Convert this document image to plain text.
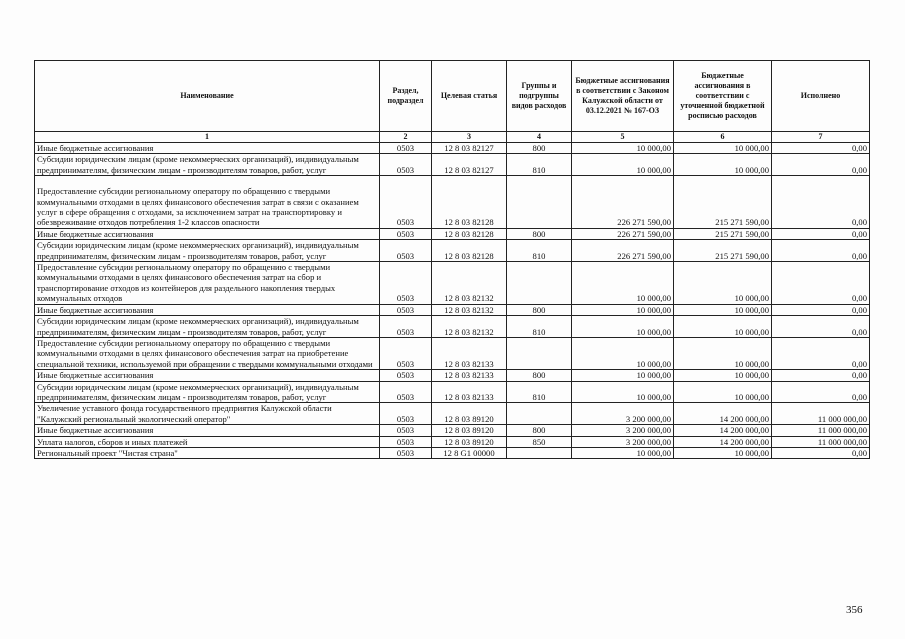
Наименование	Раздел, подраздел	Целевая статья	Группы и подгруппы видов расходов	Бюджетные ассигнования в соответствии с Законом Калужской области от 03.12.2021 № 167-ОЗ	Бюджетные ассигнования в соответствии с уточненной бюджетной росписью расходов	Исполнено
1	2	3	4	5	6	7
Иные бюджетные ассигнования	0503	12 8 03 82127	800	10 000,00	10 000,00	0,00
Субсидии юридическим лицам (кроме некоммерческих организаций), индивидуальным предпринимателям, физическим лицам - производителям товаров, работ, услуг	0503	12 8 03 82127	810	10 000,00	10 000,00	0,00
Предоставление субсидии региональному оператору по обращению с твердыми коммунальными отходами в целях финансового обеспечения затрат в связи с оказанием услуг в сфере обращения с отходами, за исключением затрат на транспортировку и обезвреживание отходов потребления 1-2 классов опасности	0503	12 8 03 82128		226 271 590,00	215 271 590,00	0,00
Иные бюджетные ассигнования	0503	12 8 03 82128	800	226 271 590,00	215 271 590,00	0,00
Субсидии юридическим лицам (кроме некоммерческих организаций), индивидуальным предпринимателям, физическим лицам - производителям товаров, работ, услуг	0503	12 8 03 82128	810	226 271 590,00	215 271 590,00	0,00
Предоставление субсидии региональному оператору по обращению с твердыми коммунальными отходами в целях финансового обеспечения затрат на сбор и транспортирование отходов из контейнеров для раздельного накопления твердых коммунальных отходов	0503	12 8 03 82132		10 000,00	10 000,00	0,00
Иные бюджетные ассигнования	0503	12 8 03 82132	800	10 000,00	10 000,00	0,00
Субсидии юридическим лицам (кроме некоммерческих организаций), индивидуальным предпринимателям, физическим лицам - производителям товаров, работ, услуг	0503	12 8 03 82132	810	10 000,00	10 000,00	0,00
Предоставление субсидии региональному оператору по обращению с твердыми коммунальными отходами в целях финансового обеспечения затрат на приобретение специальной техники, используемой при обращении с твердыми коммунальными отходами	0503	12 8 03 82133		10 000,00	10 000,00	0,00
Иные бюджетные ассигнования	0503	12 8 03 82133	800	10 000,00	10 000,00	0,00
Субсидии юридическим лицам (кроме некоммерческих организаций), индивидуальным предпринимателям, физическим лицам - производителям товаров, работ, услуг	0503	12 8 03 82133	810	10 000,00	10 000,00	0,00
Увеличение уставного фонда государственного предприятия Калужской области "Калужский региональный экологический оператор"	0503	12 8 03 89120		3 200 000,00	14 200 000,00	11 000 000,00
Иные бюджетные ассигнования	0503	12 8 03 89120	800	3 200 000,00	14 200 000,00	11 000 000,00
Уплата налогов, сборов и иных платежей	0503	12 8 03 89120	850	3 200 000,00	14 200 000,00	11 000 000,00
Региональный проект "Чистая страна"	0503	12 8 G1 00000		10 000,00	10 000,00	0,00
356
